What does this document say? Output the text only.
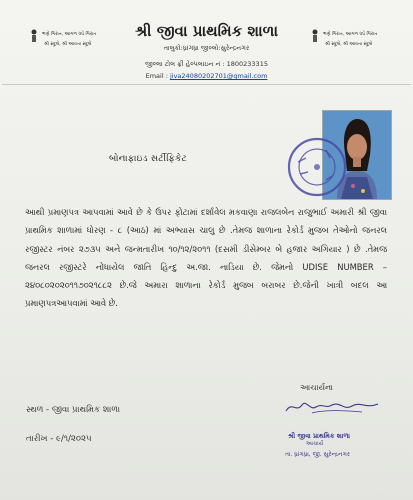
ભણે ગિરાત, આગળ ધપે ગિરાત
શ્રી સ્કૂલે, શ્રી આવતા સ્કૂલે
ભણે ગિરાત, આગળ ધપે ગિરાત
શ્રી સ્કૂલે, શ્રી આવતા સ્કૂલે
શ્રી જીવા પ્રાથમિક શાળા
તાલુકો:ધ્રાંગધ્રા જીલ્લો:સુરેન્દ્રનગર
જીલ્લા ટોલ ફ્રી હેલ્પલાઇન નં : 1800233315
Email : jiva24080202701@gmail.com
બોનાફાઇડ સર્ટીફિકેટ
આથી પ્રમાણપત્ર આપવામાં આવે છે કે ઉપર ફોટામાં દર્શાવેલ મકવાણા રાજલબેન રાજુભાઈ અમારી શ્રી જીવા પ્રાથમિક શાળામાં ધોરણ - ૮ (આઠ) માં અભ્યાસ ચાલુ છે .તેમજ શાળાના રેકોર્ડ મુજબ તેઓનો જનરલ રજીસ્ટર નંબર ૨૭૩૫ અને જન્મતારીખ ૧૦/૧૨/૨૦૧૧ (દસમી ડીસેમ્બર બે હજાર અગિયાર ) છે .તેમજ જનરલ રજીસ્ટરે નોંધાયેલ જાતિ હિન્દુ અ.જા. નાડિયા છે. જેમનો UDISE NUMBER – ૨૪૦૮૦૨૦૨૦૧૧૭૦૨૧૮૮૨ છે.જે અમારા શાળાના રેકોર્ડ મુજબ બરાબર છે.જેની ખાત્રી બદલ આ પ્રમાણપત્રઆપવામાં આવે છે.
સ્થળ - જીવા પ્રાથમિક શાળા
તારીખ - ૯/૧/૨૦૨૫
આચાર્યના
શ્રી જીવા પ્રાથમિક શાળા
આચાર્ય
તા. ધ્રાંગધ્રા, જી. સુરેન્દ્રનગર
